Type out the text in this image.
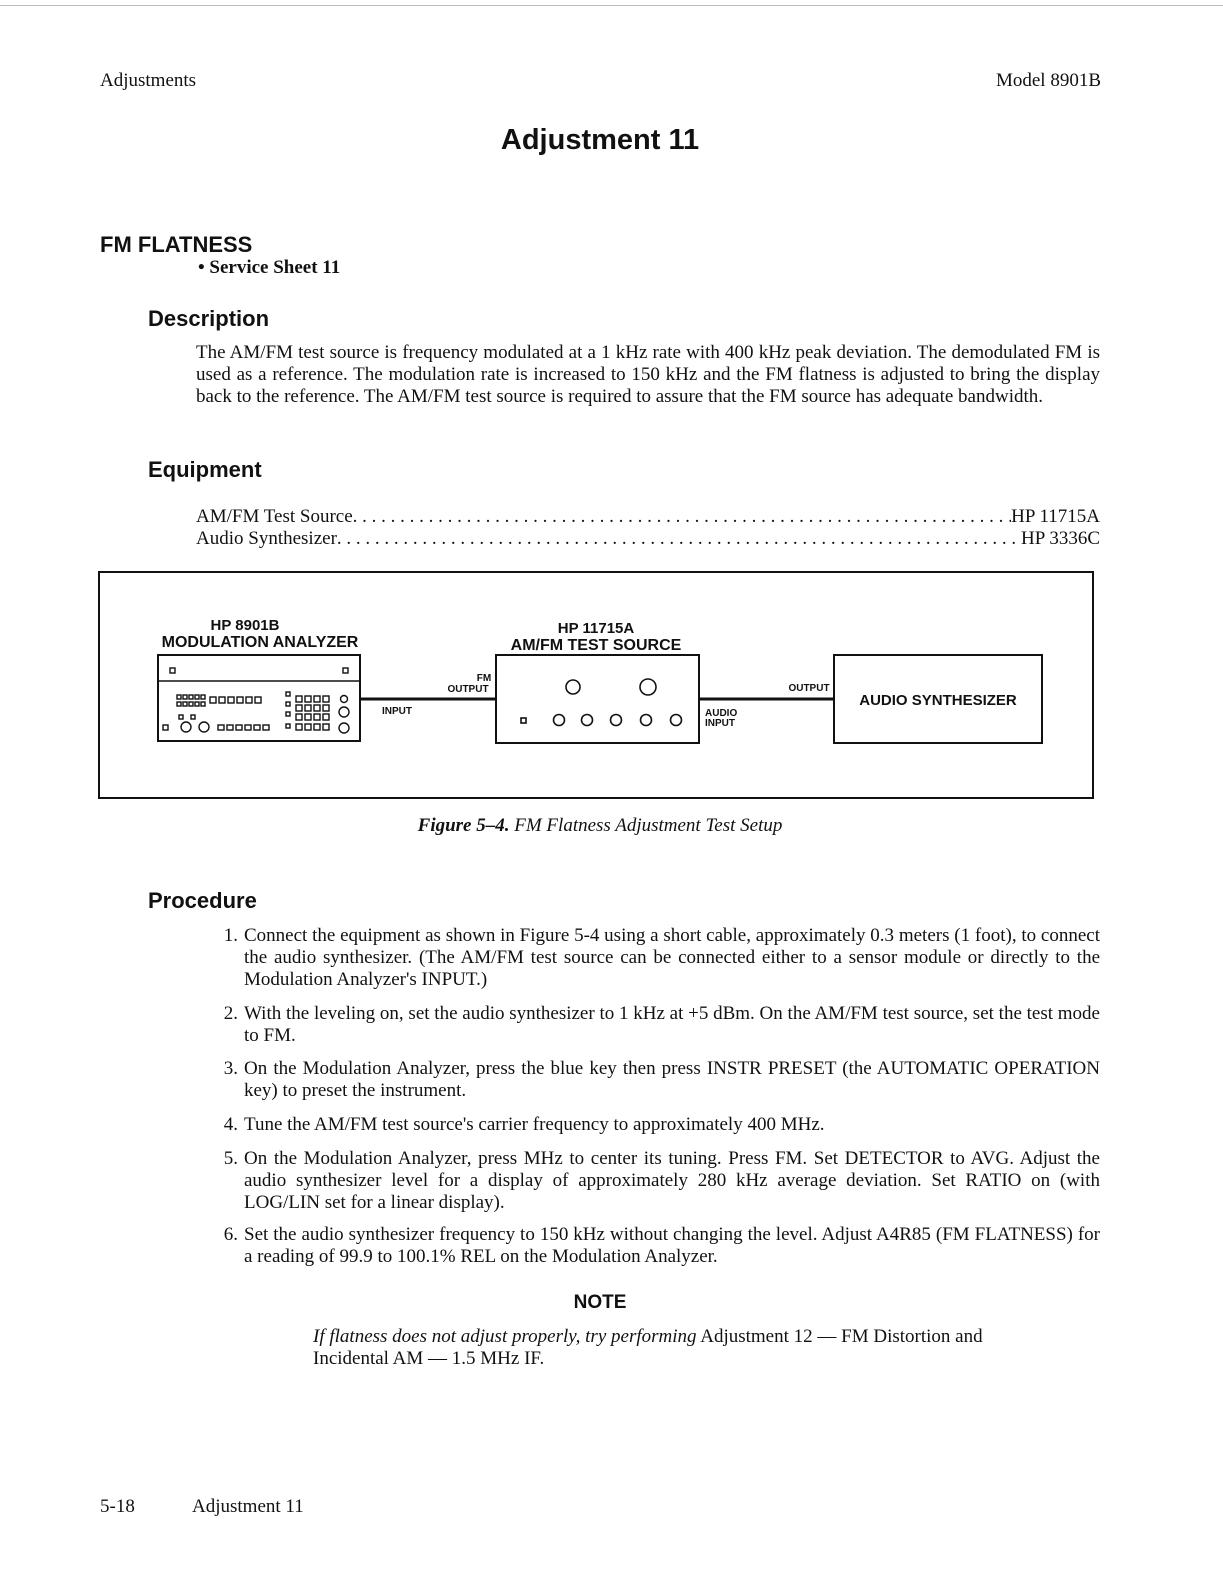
Adjustments	Model 8901B
Adjustment 11
FM FLATNESS
• Service Sheet 11
Description
The AM/FM test source is frequency modulated at a 1 kHz rate with 400 kHz peak deviation. The demodulated FM is used as a reference. The modulation rate is increased to 150 kHz and the FM flatness is adjusted to bring the display back to the reference. The AM/FM test source is required to assure that the FM source has adequate bandwidth.
Equipment
AM/FM Test Source . . .	HP 11715A
Audio Synthesizer . . .	HP 3336C
HP 8901B
MODULATION ANALYZER
HP 11715A
AM/FM TEST SOURCE
FM
OUTPUT
INPUT	AUDIO
INPUT
OUTPUT
AUDIO SYNTHESIZER
Figure 5–4. FM Flatness Adjustment Test Setup
Procedure
1. Connect the equipment as shown in Figure 5-4 using a short cable, approximately 0.3 meters (1 foot), to connect the audio synthesizer. (The AM/FM test source can be connected either to a sensor module or directly to the Modulation Analyzer's INPUT.)
2. With the leveling on, set the audio synthesizer to 1 kHz at +5 dBm. On the AM/FM test source, set the test mode to FM.
3. On the Modulation Analyzer, press the blue key then press INSTR PRESET (the AUTOMATIC OPERATION key) to preset the instrument.
4. Tune the AM/FM test source's carrier frequency to approximately 400 MHz.
5. On the Modulation Analyzer, press MHz to center its tuning. Press FM. Set DETECTOR to AVG. Adjust the audio synthesizer level for a display of approximately 280 kHz average deviation. Set RATIO on (with LOG/LIN set for a linear display).
6. Set the audio synthesizer frequency to 150 kHz without changing the level. Adjust A4R85 (FM FLATNESS) for a reading of 99.9 to 100.1% REL on the Modulation Analyzer.
NOTE
If flatness does not adjust properly, try performing Adjustment 12 — FM Distortion and Incidental AM — 1.5 MHz IF.
5-18	Adjustment 11
